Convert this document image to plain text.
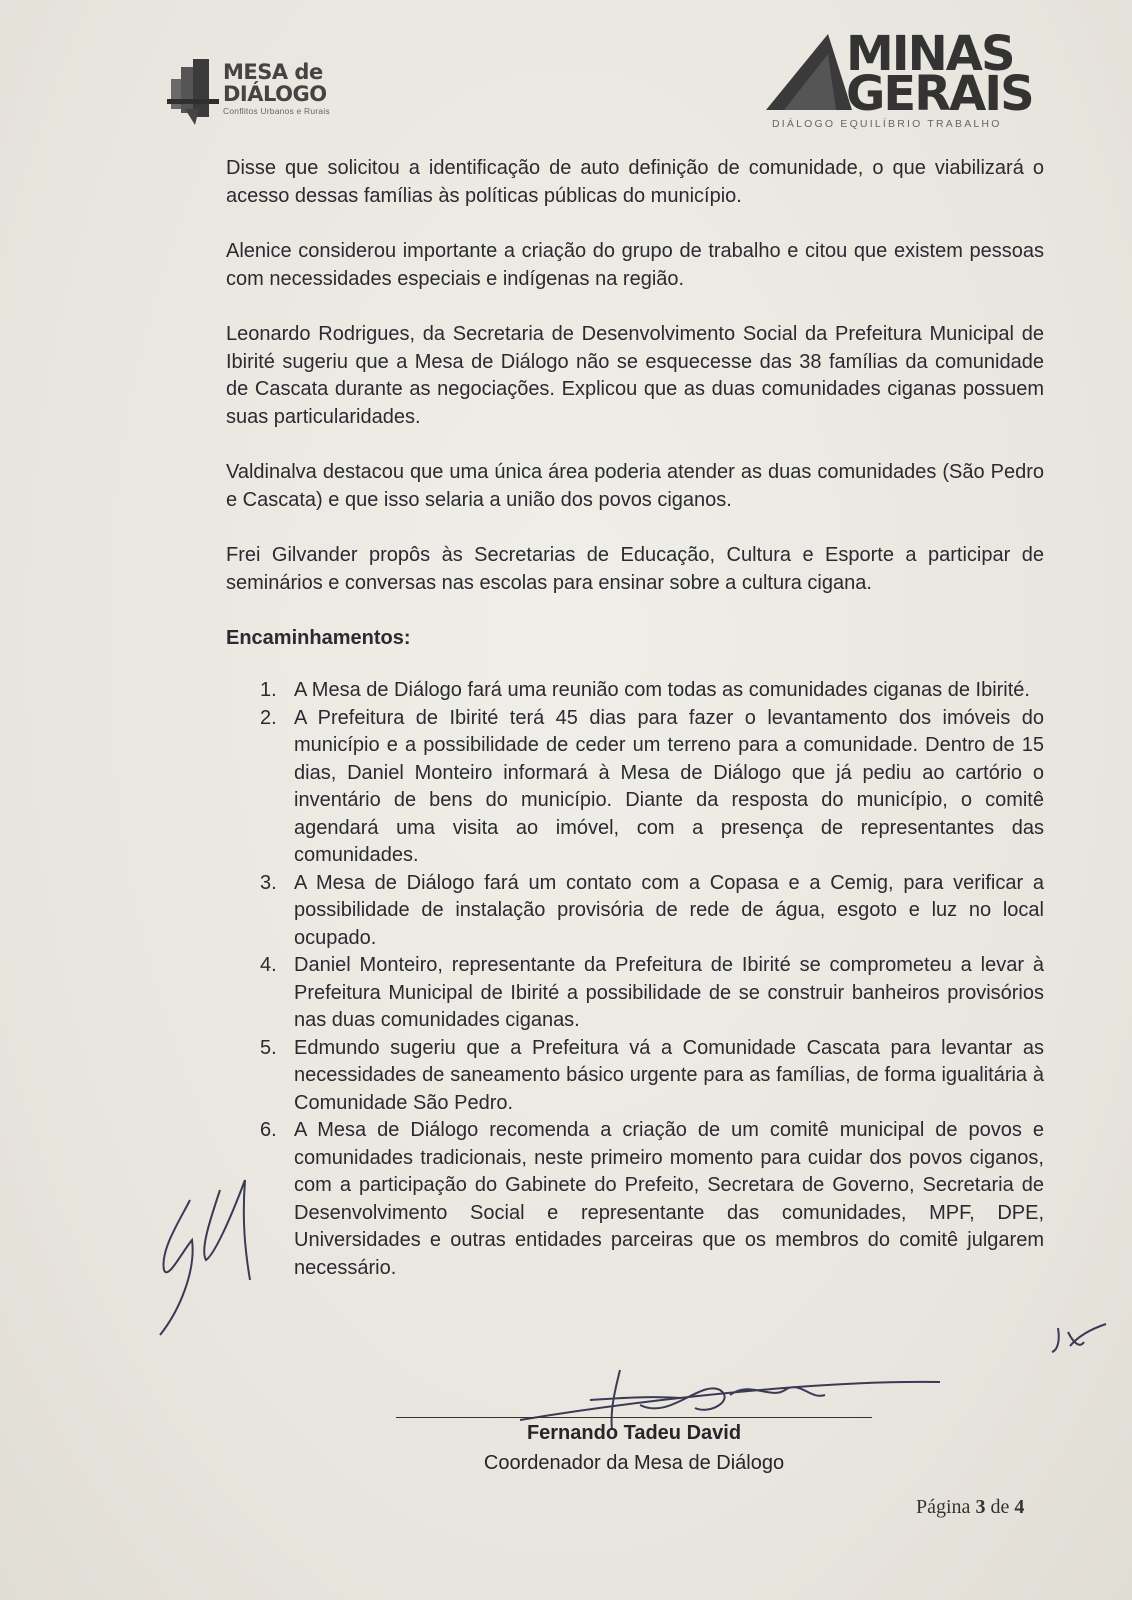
MESA de
DIÁLOGO
Conflitos Urbanos e Rurais
MINAS
GERAIS
DIÁLOGO EQUILÍBRIO TRABALHO

Disse que solicitou a identificação de auto definição de comunidade, o que viabilizará o acesso dessas famílias às políticas públicas do município.

Alenice considerou importante a criação do grupo de trabalho e citou que existem pessoas com necessidades especiais e indígenas na região.

Leonardo Rodrigues, da Secretaria de Desenvolvimento Social da Prefeitura Municipal de Ibirité sugeriu que a Mesa de Diálogo não se esquecesse das 38 famílias da comunidade de Cascata durante as negociações. Explicou que as duas comunidades ciganas possuem suas particularidades.

Valdinalva destacou que uma única área poderia atender as duas comunidades (São Pedro e Cascata) e que isso selaria a união dos povos ciganos.

Frei Gilvander propôs às Secretarias de Educação, Cultura e Esporte a participar de seminários e conversas nas escolas para ensinar sobre a cultura cigana.

Encaminhamentos:
1. A Mesa de Diálogo fará uma reunião com todas as comunidades ciganas de Ibirité.
2. A Prefeitura de Ibirité terá 45 dias para fazer o levantamento dos imóveis do município e a possibilidade de ceder um terreno para a comunidade. Dentro de 15 dias, Daniel Monteiro informará à Mesa de Diálogo que já pediu ao cartório o inventário de bens do município. Diante da resposta do município, o comitê agendará uma visita ao imóvel, com a presença de representantes das comunidades.
3. A Mesa de Diálogo fará um contato com a Copasa e a Cemig, para verificar a possibilidade de instalação provisória de rede de água, esgoto e luz no local ocupado.
4. Daniel Monteiro, representante da Prefeitura de Ibirité se comprometeu a levar à Prefeitura Municipal de Ibirité a possibilidade de se construir banheiros provisórios nas duas comunidades ciganas.
5. Edmundo sugeriu que a Prefeitura vá a Comunidade Cascata para levantar as necessidades de saneamento básico urgente para as famílias, de forma igualitária à Comunidade São Pedro.
6. A Mesa de Diálogo recomenda a criação de um comitê municipal de povos e comunidades tradicionais, neste primeiro momento para cuidar dos povos ciganos, com a participação do Gabinete do Prefeito, Secretara de Governo, Secretaria de Desenvolvimento Social e representante das comunidades, MPF, DPE, Universidades e outras entidades parceiras que os membros do comitê julgarem necessário.
Fernando Tadeu David
Coordenador da Mesa de Diálogo
Página 3 de 4
